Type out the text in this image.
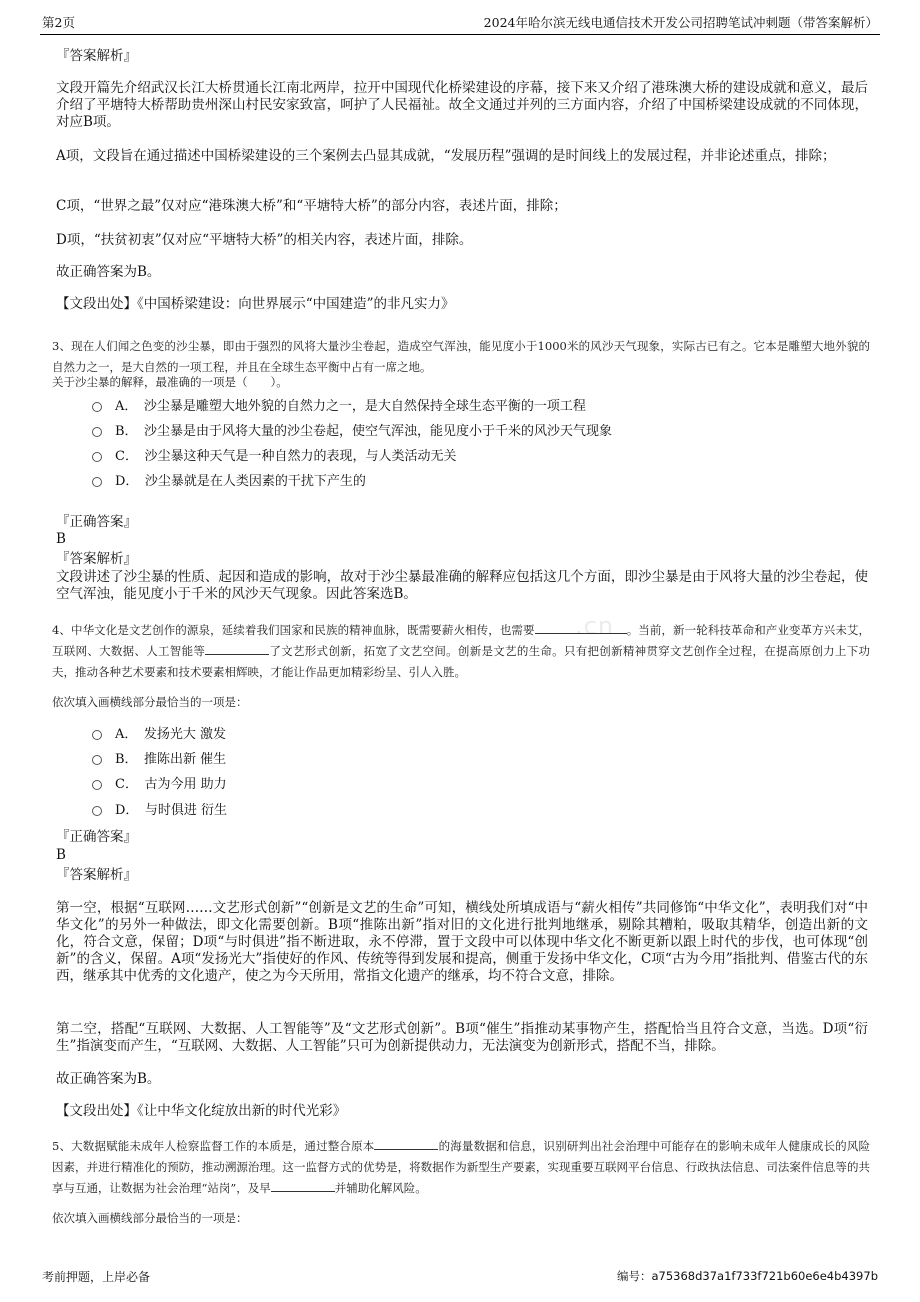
第2页	2024年哈尔滨无线电通信技术开发公司招聘笔试冲刺题（带答案解析）
.cn
『答案解析』
文段开篇先介绍武汉长江大桥贯通长江南北两岸，拉开中国现代化桥梁建设的序幕，接下来又介绍了港珠澳大桥的建设成就和意义，最后介绍了平塘特大桥帮助贵州深山村民安家致富，呵护了人民福祉。故全文通过并列的三方面内容，介绍了中国桥梁建设成就的不同体现，对应B项。
A项，文段旨在通过描述中国桥梁建设的三个案例去凸显其成就，“发展历程”强调的是时间线上的发展过程，并非论述重点，排除；
C项，“世界之最”仅对应“港珠澳大桥”和“平塘特大桥”的部分内容，表述片面，排除；
D项，“扶贫初衷”仅对应“平塘特大桥”的相关内容，表述片面，排除。
故正确答案为B。
【文段出处】《中国桥梁建设：向世界展示“中国建造”的非凡实力》
3、现在人们闻之色变的沙尘暴，即由于强烈的风将大量沙尘卷起，造成空气浑浊，能见度小于1000米的风沙天气现象，实际古已有之。它本是雕塑大地外貌的自然力之一，是大自然的一项工程，并且在全球生态平衡中占有一席之地。
关于沙尘暴的解释，最准确的一项是（　　）。
A．　沙尘暴是雕塑大地外貌的自然力之一，是大自然保持全球生态平衡的一项工程
B．　沙尘暴是由于风将大量的沙尘卷起，使空气浑浊，能见度小于千米的风沙天气现象
C．　沙尘暴这种天气是一种自然力的表现，与人类活动无关
D．　沙尘暴就是在人类因素的干扰下产生的
『正确答案』
B
『答案解析』
文段讲述了沙尘暴的性质、起因和造成的影响，故对于沙尘暴最准确的解释应包括这几个方面，即沙尘暴是由于风将大量的沙尘卷起，使空气浑浊，能见度小于千米的风沙天气现象。因此答案选B。
4、中华文化是文艺创作的源泉，延续着我们国家和民族的精神血脉，既需要薪火相传，也需要	。当前，新一轮科技革命和产业变革方兴未艾，互联网、大数据、人工智能等	了文艺形式创新，拓宽了文艺空间。创新是文艺的生命。只有把创新精神贯穿文艺创作全过程，在提高原创力上下功夫，推动各种艺术要素和技术要素相辉映，才能让作品更加精彩纷呈、引人入胜。
依次填入画横线部分最恰当的一项是：
A．　发扬光大 激发
B．　推陈出新 催生
C．　古为今用 助力
D．　与时俱进 衍生
『正确答案』
B
『答案解析』
第一空，根据“互联网……文艺形式创新”“创新是文艺的生命”可知，横线处所填成语与“薪火相传”共同修饰“中华文化”，表明我们对“中华文化”的另外一种做法，即文化需要创新。B项“推陈出新”指对旧的文化进行批判地继承，剔除其糟粕，吸取其精华，创造出新的文化，符合文意，保留；D项“与时俱进”指不断进取，永不停滞，置于文段中可以体现中华文化不断更新以跟上时代的步伐，也可体现“创新”的含义，保留。A项“发扬光大”指使好的作风、传统等得到发展和提高，侧重于发扬中华文化，C项“古为今用”指批判、借鉴古代的东西，继承其中优秀的文化遗产，使之为今天所用，常指文化遗产的继承，均不符合文意，排除。
第二空，搭配“互联网、大数据、人工智能等”及“文艺形式创新”。B项“催生”指推动某事物产生，搭配恰当且符合文意，当选。D项“衍生”指演变而产生，“互联网、大数据、人工智能”只可为创新提供动力，无法演变为创新形式，搭配不当，排除。
故正确答案为B。
【文段出处】《让中华文化绽放出新的时代光彩》
5、大数据赋能未成年人检察监督工作的本质是，通过整合原本	的海量数据和信息，识别研判出社会治理中可能存在的影响未成年人健康成长的风险因素，并进行精准化的预防，推动溯源治理。这一监督方式的优势是，将数据作为新型生产要素，实现重要互联网平台信息、行政执法信息、司法案件信息等的共享与互通，让数据为社会治理“站岗”，及早	并辅助化解风险。
依次填入画横线部分最恰当的一项是：
考前押题，上岸必备	编号：a75368d37a1f733f721b60e6e4b4397b
